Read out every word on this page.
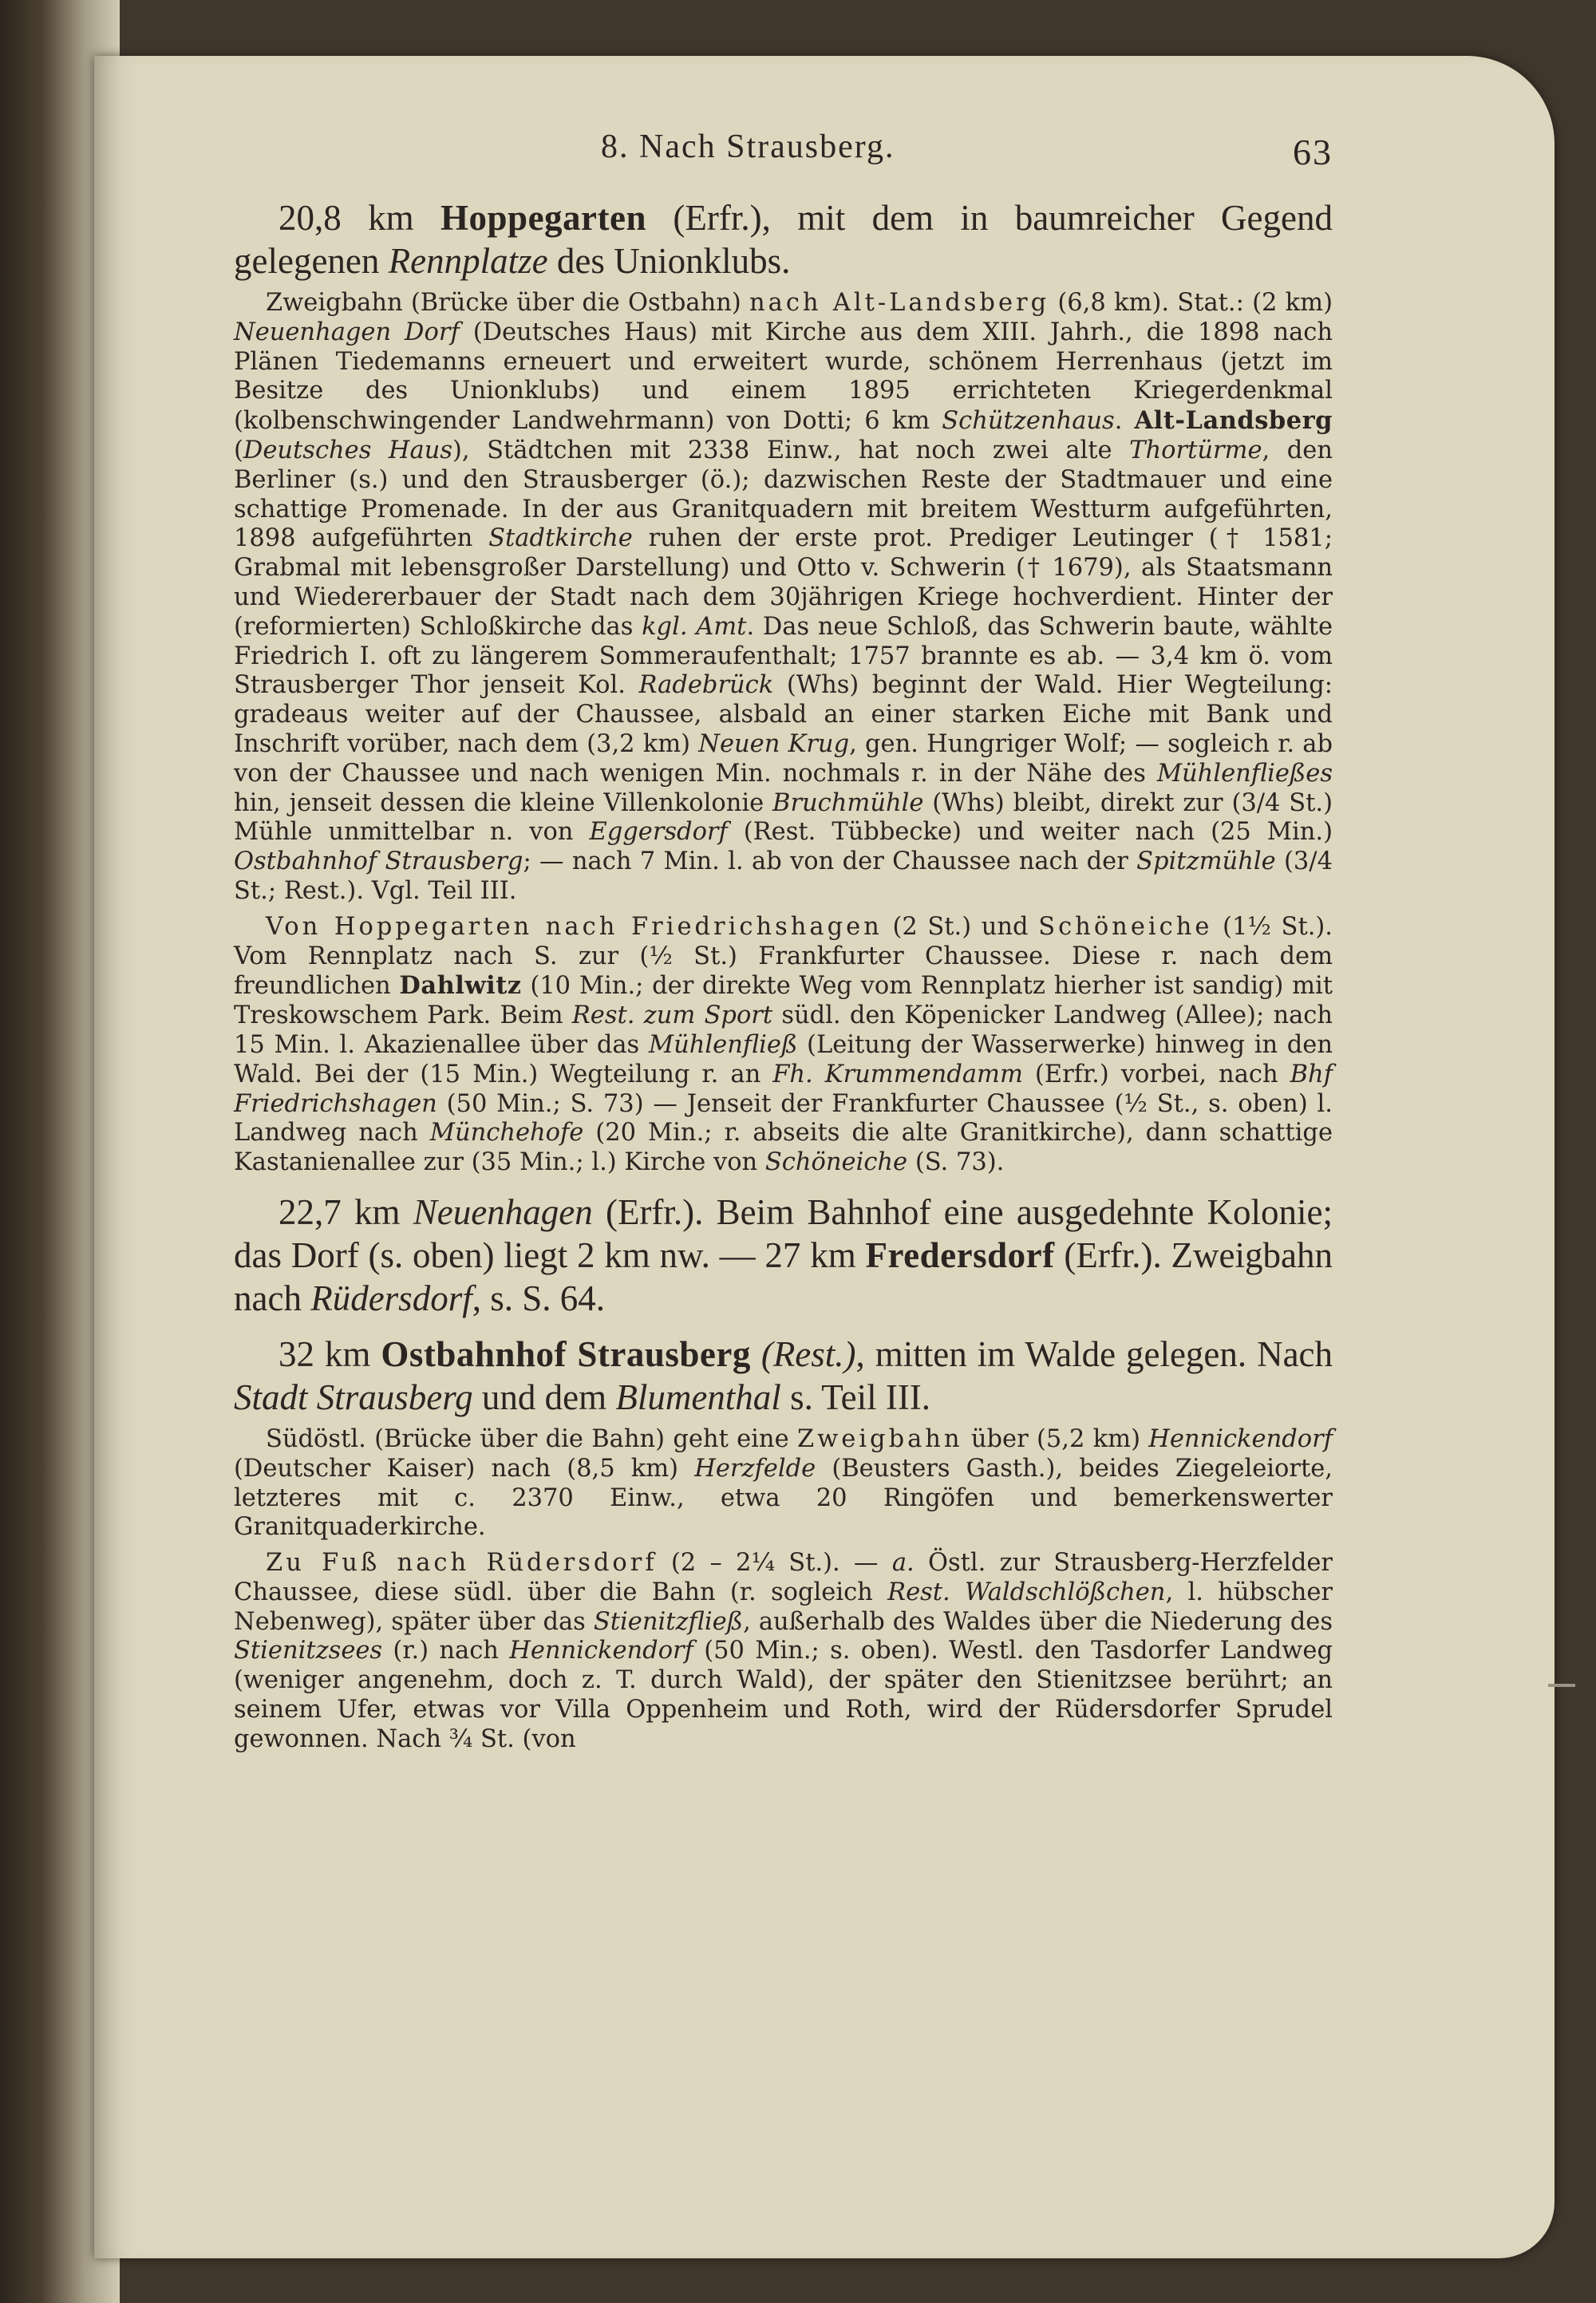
8. Nach Strausberg.	63

20,8 km Hoppegarten (Erfr.), mit dem in baumreicher Gegend gelegenen Rennplatze des Unionklubs.

Zweigbahn (Brücke über die Ostbahn) nach Alt-Landsberg (6,8 km). Stat.: (2 km) Neuenhagen Dorf (Deutsches Haus) mit Kirche aus dem XIII. Jahrh., die 1898 nach Plänen Tiedemanns erneuert und erweitert wurde, schönem Herrenhaus (jetzt im Besitze des Unionklubs) und einem 1895 errichteten Kriegerdenkmal (kolbenschwingender Landwehrmann) von Dotti; 6 km Schützenhaus. Alt-Landsberg (Deutsches Haus), Städtchen mit 2338 Einw., hat noch zwei alte Thortürme, den Berliner (s.) und den Strausberger (ö.); dazwischen Reste der Stadtmauer und eine schattige Promenade. In der aus Granitquadern mit breitem Westturm aufgeführten, 1898 aufgeführten Stadtkirche ruhen der erste prot. Prediger Leutinger († 1581; Grabmal mit lebensgroßer Darstellung) und Otto v. Schwerin († 1679), als Staatsmann und Wiedererbauer der Stadt nach dem 30jährigen Kriege hochverdient. Hinter der (reformierten) Schloßkirche das kgl. Amt. Das neue Schloß, das Schwerin baute, wählte Friedrich I. oft zu längerem Sommeraufenthalt; 1757 brannte es ab. — 3,4 km ö. vom Strausberger Thor jenseit Kol. Radebrück (Whs) beginnt der Wald. Hier Wegteilung: gradeaus weiter auf der Chaussee, alsbald an einer starken Eiche mit Bank und Inschrift vorüber, nach dem (3,2 km) Neuen Krug, gen. Hungriger Wolf; — sogleich r. ab von der Chaussee und nach wenigen Min. nochmals r. in der Nähe des Mühlenfließes hin, jenseit dessen die kleine Villenkolonie Bruchmühle (Whs) bleibt, direkt zur (3/4 St.) Mühle unmittelbar n. von Eggersdorf (Rest. Tübbecke) und weiter nach (25 Min.) Ostbahnhof Strausberg; — nach 7 Min. l. ab von der Chaussee nach der Spitzmühle (3/4 St.; Rest.). Vgl. Teil III.

Von Hoppegarten nach Friedrichshagen (2 St.) und Schöneiche (1½ St.). Vom Rennplatz nach S. zur (½ St.) Frankfurter Chaussee. Diese r. nach dem freundlichen Dahlwitz (10 Min.; der direkte Weg vom Rennplatz hierher ist sandig) mit Treskowschem Park. Beim Rest. zum Sport südl. den Köpenicker Landweg (Allee); nach 15 Min. l. Akazienallee über das Mühlenfließ (Leitung der Wasserwerke) hinweg in den Wald. Bei der (15 Min.) Wegteilung r. an Fh. Krummendamm (Erfr.) vorbei, nach Bhf Friedrichshagen (50 Min.; S. 73) — Jenseit der Frankfurter Chaussee (½ St., s. oben) l. Landweg nach Münchehofe (20 Min.; r. abseits die alte Granitkirche), dann schattige Kastanienallee zur (35 Min.; l.) Kirche von Schöneiche (S. 73).

22,7 km Neuenhagen (Erfr.). Beim Bahnhof eine ausgedehnte Kolonie; das Dorf (s. oben) liegt 2 km nw. — 27 km Fredersdorf (Erfr.). Zweigbahn nach Rüdersdorf, s. S. 64.

32 km Ostbahnhof Strausberg (Rest.), mitten im Walde gelegen. Nach Stadt Strausberg und dem Blumenthal s. Teil III.

Südöstl. (Brücke über die Bahn) geht eine Zweigbahn über (5,2 km) Hennickendorf (Deutscher Kaiser) nach (8,5 km) Herzfelde (Beusters Gasth.), beides Ziegeleiorte, letzteres mit c. 2370 Einw., etwa 20 Ringöfen und bemerkenswerter Granitquaderkirche.

Zu Fuß nach Rüdersdorf (2 – 2¼ St.). — a. Östl. zur Strausberg-Herzfelder Chaussee, diese südl. über die Bahn (r. sogleich Rest. Waldschlößchen, l. hübscher Nebenweg), später über das Stienitzfließ, außerhalb des Waldes über die Niederung des Stienitzsees (r.) nach Hennickendorf (50 Min.; s. oben). Westl. den Tasdorfer Landweg (weniger angenehm, doch z. T. durch Wald), der später den Stienitzsee berührt; an seinem Ufer, etwas vor Villa Oppenheim und Roth, wird der Rüdersdorfer Sprudel gewonnen. Nach ¾ St. (von
